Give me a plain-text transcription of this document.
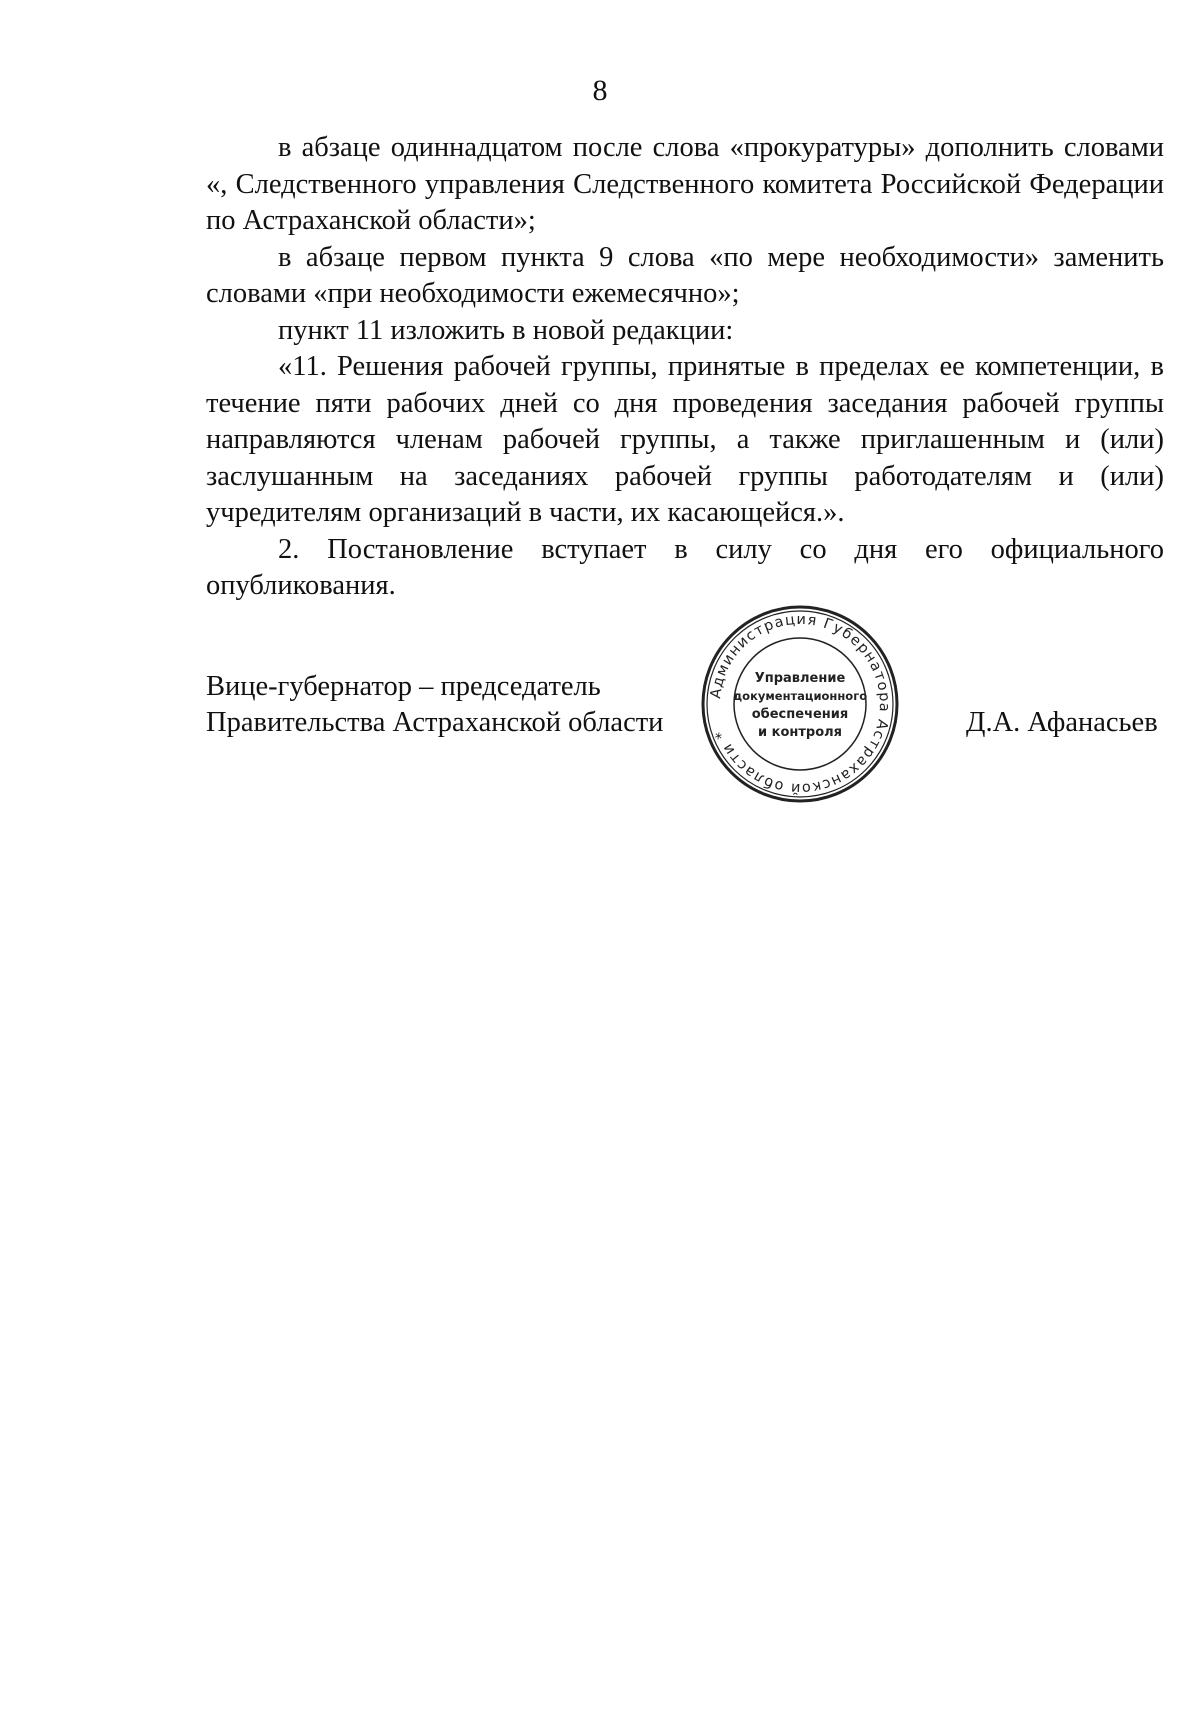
8

в абзаце одиннадцатом после слова «прокуратуры» дополнить словами «, Следственного управления Следственного комитета Российской Федерации по Астраханской области»;

в абзаце первом пункта 9 слова «по мере необходимости» заменить словами «при необходимости ежемесячно»;

пункт 11 изложить в новой редакции:

«11. Решения рабочей группы, принятые в пределах ее компетенции, в течение пяти рабочих дней со дня проведения заседания рабочей группы направляются членам рабочей группы, а также приглашенным и (или) заслушанным на заседаниях рабочей группы работодателям и (или) учредителям организаций в части, их касающейся.».

2. Постановление вступает в силу со дня его официального опубликования.

Вице-губернатор – председатель
Правительства Астраханской области
Администрация Губернатора Астраханской области *
Управление
документационного
обеспечения
и контроля	Д.А. Афанасьев
